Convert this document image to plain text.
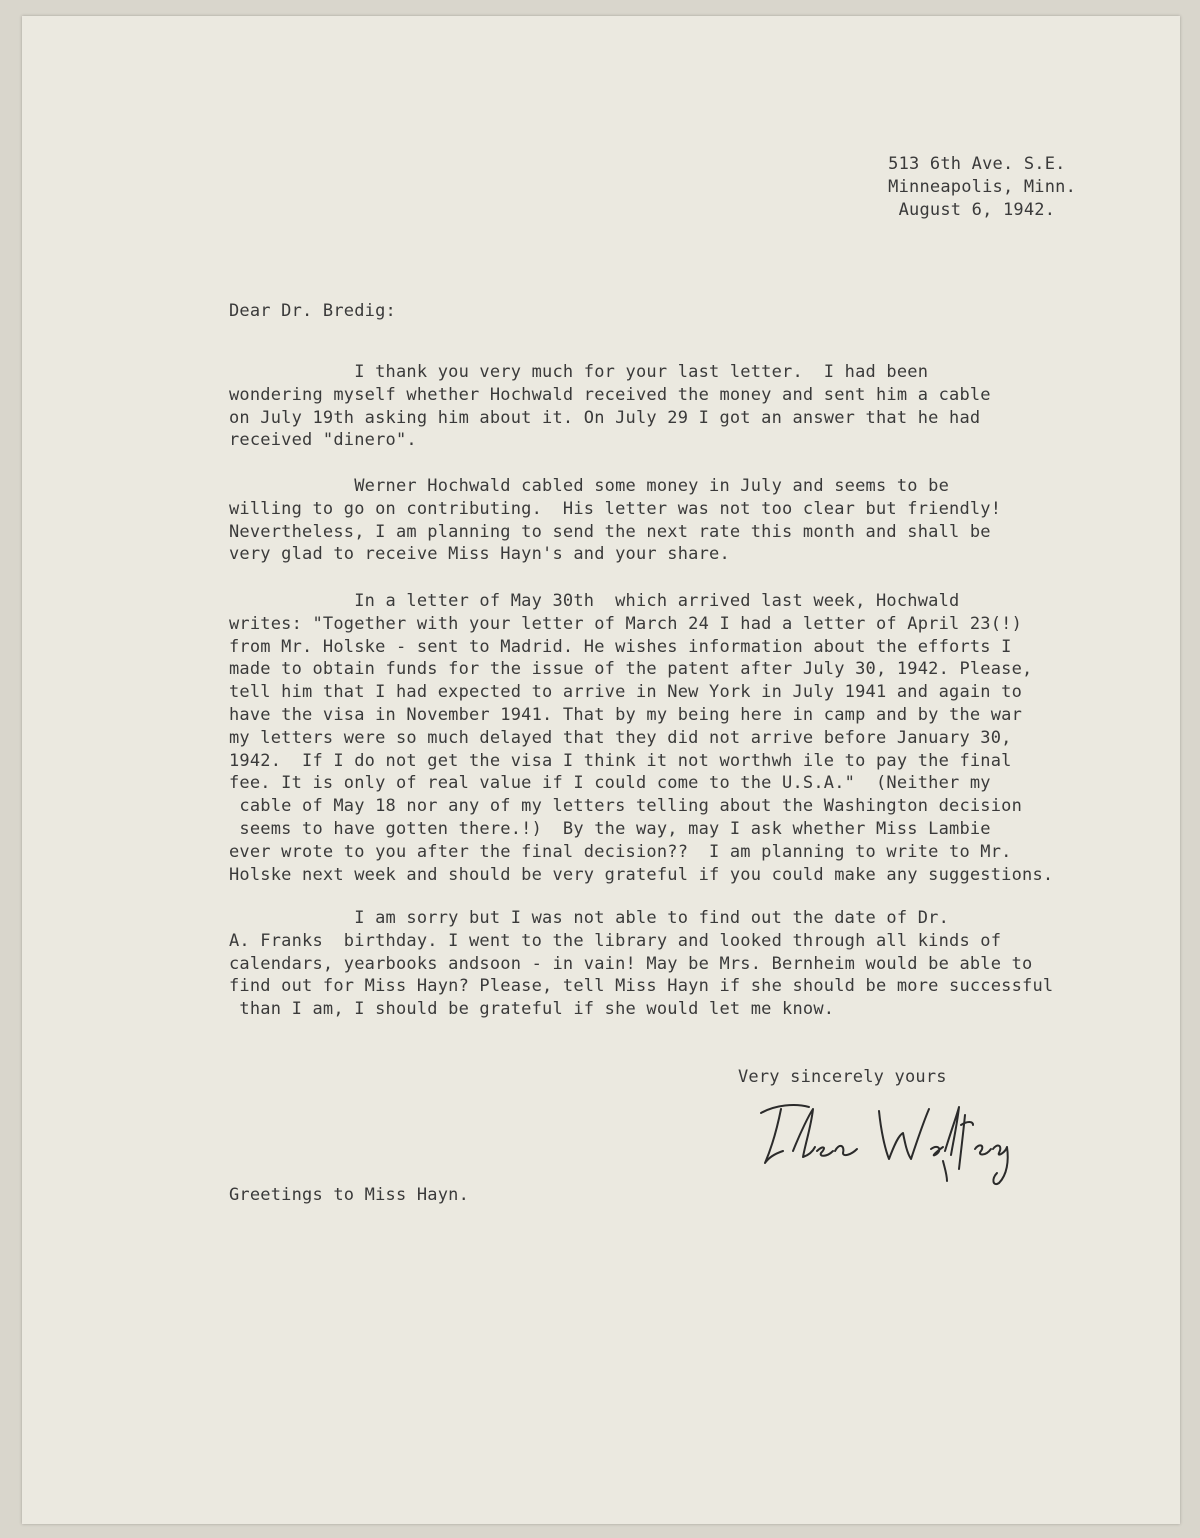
513 6th Ave. S.E.
Minneapolis, Minn.
August 6, 1942.
Dear Dr. Bredig:
I thank you very much for your last letter.  I had been
wondering myself whether Hochwald received the money and sent him a cable
on July 19th asking him about it. On July 29 I got an answer that he had
received "dinero".
Werner Hochwald cabled some money in July and seems to be
willing to go on contributing.  His letter was not too clear but friendly!
Nevertheless, I am planning to send the next rate this month and shall be
very glad to receive Miss Hayn's and your share.
In a letter of May 30th  which arrived last week, Hochwald
writes: "Together with your letter of March 24 I had a letter of April 23(!)
from Mr. Holske - sent to Madrid. He wishes information about the efforts I
made to obtain funds for the issue of the patent after July 30, 1942. Please,
tell him that I had expected to arrive in New York in July 1941 and again to
have the visa in November 1941. That by my being here in camp and by the war
my letters were so much delayed that they did not arrive before January 30,
1942.  If I do not get the visa I think it not worthwh ile to pay the final
fee. It is only of real value if I could come to the U.S.A."  (Neither my
cable of May 18 nor any of my letters telling about the Washington decision
seems to have gotten there.!)  By the way, may I ask whether Miss Lambie
ever wrote to you after the final decision??  I am planning to write to Mr.
Holske next week and should be very grateful if you could make any suggestions.
I am sorry but I was not able to find out the date of Dr.
A. Franks  birthday. I went to the library and looked through all kinds of
calendars, yearbooks andsoon - in vain! May be Mrs. Bernheim would be able to
find out for Miss Hayn? Please, tell Miss Hayn if she should be more successful
than I am, I should be grateful if she would let me know.
Very sincerely yours
Greetings to Miss Hayn.
